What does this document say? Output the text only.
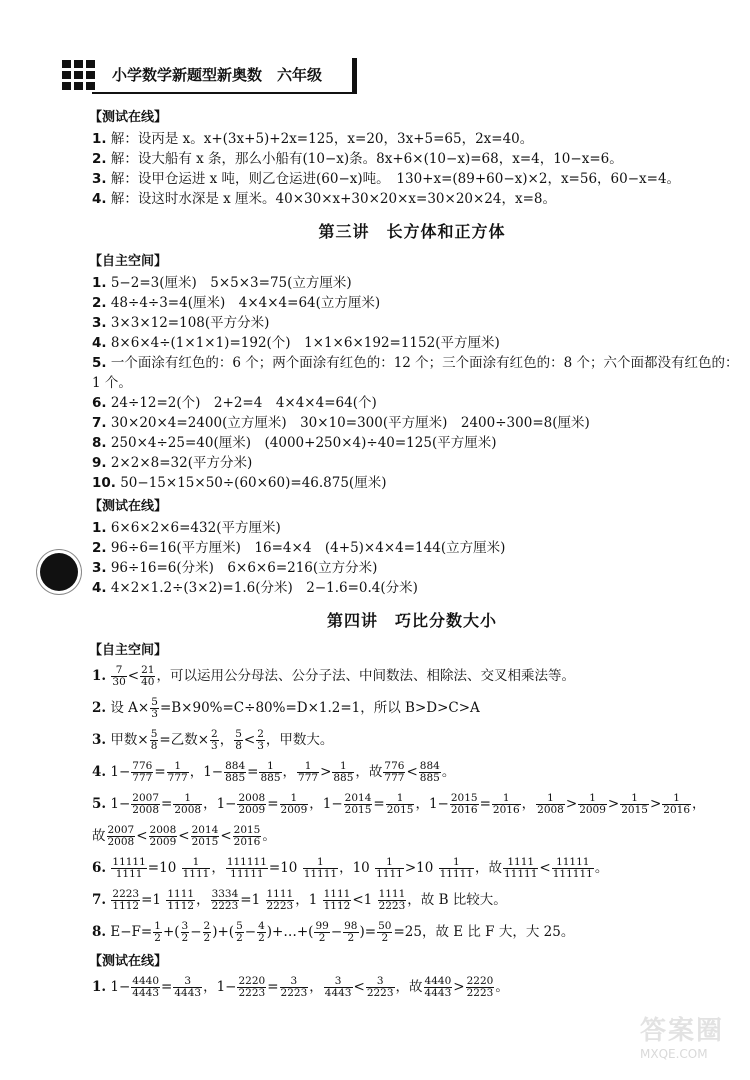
小学数学新题型新奥数　六年级
【测试在线】
1. 解：设丙是 x。x+(3x+5)+2x=125，x=20，3x+5=65，2x=40。
2. 解：设大船有 x 条，那么小船有(10−x)条。8x+6×(10−x)=68，x=4，10−x=6。
3. 解：设甲仓运进 x 吨，则乙仓运进(60−x)吨。　130+x=(89+60−x)×2，x=56，60−x=4。
4. 解：设这时水深是 x 厘米。40×30×x+30×20×x=30×20×24，x=8。
第三讲　长方体和正方体
【自主空间】
1. 5−2=3(厘米)　5×5×3=75(立方厘米)
2. 48÷4÷3=4(厘米)　4×4×4=64(立方厘米)
3. 3×3×12=108(平方分米)
4. 8×6×4÷(1×1×1)=192(个)　1×1×6×192=1152(平方厘米)
5. 一个面涂有红色的：6 个；两个面涂有红色的：12 个；三个面涂有红色的：8 个；六个面都没有红色的：
1 个。
6. 24÷12=2(个)　2+2=4　4×4×4=64(个)
7. 30×20×4=2400(立方厘米)　30×10=300(平方厘米)　2400÷300=8(厘米)
8. 250×4÷25=40(厘米)　(4000+250×4)÷40=125(平方厘米)
9. 2×2×8=32(平方分米)
10. 50−15×15×50÷(60×60)=46.875(厘米)
【测试在线】
1. 6×6×2×6=432(平方厘米)
2. 96÷6=16(平方厘米)　16=4×4　(4+5)×4×4=144(立方厘米)
3. 96÷16=6(分米)　6×6×6=216(立方分米)
4. 4×2×1.2÷(3×2)=1.6(分米)　2−1.6=0.4(分米)
第四讲　巧比分数大小
【自主空间】
1. $\frac{7}{30} < \frac{21}{40}$ ，可以运用公分母法、公分子法、中间数法、相除法、交叉相乘法等。
2. 设 $A\times \frac{5}{3} =B\times 90\%=C\div 80\%=D\times 1.2=1$，所以 B>D>C>A
3. 甲数× $\frac{5}{8}$ =乙数× $\frac{2}{3}$ ， $\frac{5}{8} < \frac{2}{3}$ ，甲数大。
4. $1- \frac{776}{777} = \frac{1}{777}$ ，$1- \frac{884}{885} = \frac{1}{885}$ ， $\frac{1}{777} > \frac{1}{885}$ ，故 $\frac{776}{777} < \frac{884}{885}$ 。
5. $1- \frac{2007}{2008} = \frac{1}{2008}$ ，$1- \frac{2008}{2009} = \frac{1}{2009}$ ，$1- \frac{2014}{2015} = \frac{1}{2015}$ ，$1- \frac{2015}{2016} = \frac{1}{2016}$ ， $\frac{1}{2008} > \frac{1}{2009} > \frac{1}{2015} > \frac{1}{2016}$ ，
故 $\frac{2007}{2008} < \frac{2008}{2009} < \frac{2014}{2015} < \frac{2015}{2016}$ 。
6. $\frac{11111}{1111} =10 \frac{1}{1111}$ ， $\frac{111111}{11111} =10 \frac{1}{11111}$ ，$10 \frac{1}{1111} >10 \frac{1}{11111}$ ，故 $\frac{1111}{11111} < \frac{11111}{111111}$ 。
7. $\frac{2223}{1112} =1 \frac{1111}{1112}$ ， $\frac{3334}{2223} =1 \frac{1111}{2223}$ ，$1 \frac{1111}{1112} <1 \frac{1111}{2223}$ ，故 B 比较大。
8. $E-F= \frac{1}{2}$ +( $\frac{3}{2} - \frac{2}{2}$ )+( $\frac{5}{2} - \frac{4}{2}$ )+…+( $\frac{99}{2} - \frac{98}{2}$ )= $\frac{50}{2} =25$，故 E 比 F 大，大 25。
【测试在线】
1. $1- \frac{4440}{4443} = \frac{3}{4443}$ ，$1- \frac{2220}{2223} = \frac{3}{2223}$ ， $\frac{3}{4443} < \frac{3}{2223}$ ，故 $\frac{4440}{4443} > \frac{2220}{2223}$ 。
答案圈
MXQE.COM
